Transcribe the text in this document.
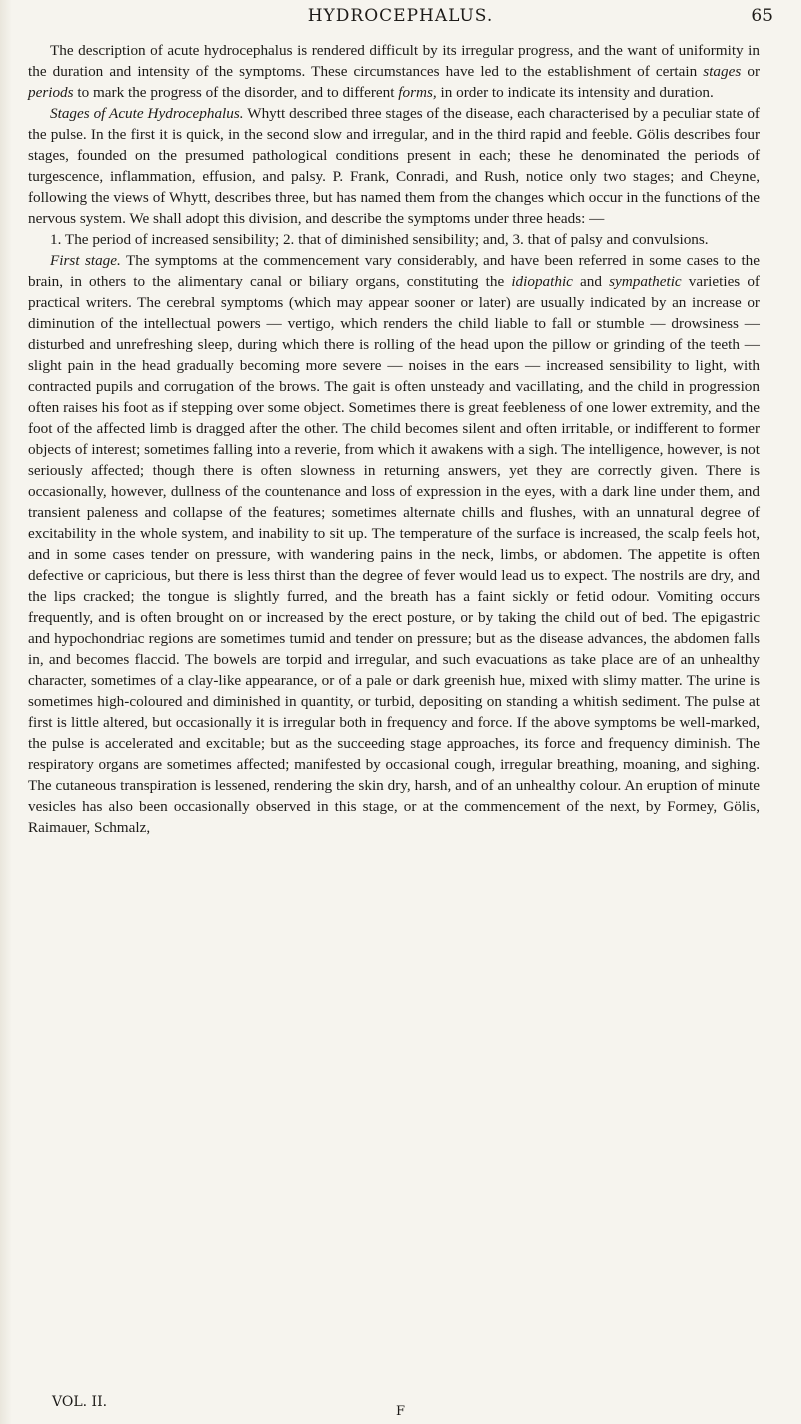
HYDROCEPHALUS.	65

The description of acute hydrocephalus is rendered difficult by its irregular progress, and the want of uniformity in the duration and intensity of the symptoms. These circumstances have led to the establishment of certain stages or periods to mark the progress of the disorder, and to different forms, in order to indicate its intensity and duration.

Stages of Acute Hydrocephalus. Whytt described three stages of the disease, each characterised by a peculiar state of the pulse. In the first it is quick, in the second slow and irregular, and in the third rapid and feeble. Gölis describes four stages, founded on the presumed pathological conditions present in each; these he denominated the periods of turgescence, inflammation, effusion, and palsy. P. Frank, Conradi, and Rush, notice only two stages; and Cheyne, following the views of Whytt, describes three, but has named them from the changes which occur in the functions of the nervous system. We shall adopt this division, and describe the symptoms under three heads: —

1. The period of increased sensibility; 2. that of diminished sensibility; and, 3. that of palsy and convulsions.

First stage. The symptoms at the commencement vary considerably, and have been referred in some cases to the brain, in others to the alimentary canal or biliary organs, constituting the idiopathic and sympathetic varieties of practical writers. The cerebral symptoms (which may appear sooner or later) are usually indicated by an increase or diminution of the intellectual powers — vertigo, which renders the child liable to fall or stumble — drowsiness — disturbed and unrefreshing sleep, during which there is rolling of the head upon the pillow or grinding of the teeth — slight pain in the head gradually becoming more severe — noises in the ears — increased sensibility to light, with contracted pupils and corrugation of the brows. The gait is often unsteady and vacillating, and the child in progression often raises his foot as if stepping over some object. Sometimes there is great feebleness of one lower extremity, and the foot of the affected limb is dragged after the other. The child becomes silent and often irritable, or indifferent to former objects of interest; sometimes falling into a reverie, from which it awakens with a sigh. The intelligence, however, is not seriously affected; though there is often slowness in returning answers, yet they are correctly given. There is occasionally, however, dullness of the countenance and loss of expression in the eyes, with a dark line under them, and transient paleness and collapse of the features; sometimes alternate chills and flushes, with an unnatural degree of excitability in the whole system, and inability to sit up. The temperature of the surface is increased, the scalp feels hot, and in some cases tender on pressure, with wandering pains in the neck, limbs, or abdomen. The appetite is often defective or capricious, but there is less thirst than the degree of fever would lead us to expect. The nostrils are dry, and the lips cracked; the tongue is slightly furred, and the breath has a faint sickly or fetid odour. Vomiting occurs frequently, and is often brought on or increased by the erect posture, or by taking the child out of bed. The epigastric and hypochondriac regions are sometimes tumid and tender on pressure; but as the disease advances, the abdomen falls in, and becomes flaccid. The bowels are torpid and irregular, and such evacuations as take place are of an unhealthy character, sometimes of a clay-like appearance, or of a pale or dark greenish hue, mixed with slimy matter. The urine is sometimes high-coloured and diminished in quantity, or turbid, depositing on standing a whitish sediment. The pulse at first is little altered, but occasionally it is irregular both in frequency and force. If the above symptoms be well-marked, the pulse is accelerated and excitable; but as the succeeding stage approaches, its force and frequency diminish. The respiratory organs are sometimes affected; manifested by occasional cough, irregular breathing, moaning, and sighing. The cutaneous transpiration is lessened, rendering the skin dry, harsh, and of an unhealthy colour. An eruption of minute vesicles has also been occasionally observed in this stage, or at the commencement of the next, by Formey, Gölis, Raimauer, Schmalz,

VOL. II.
F
